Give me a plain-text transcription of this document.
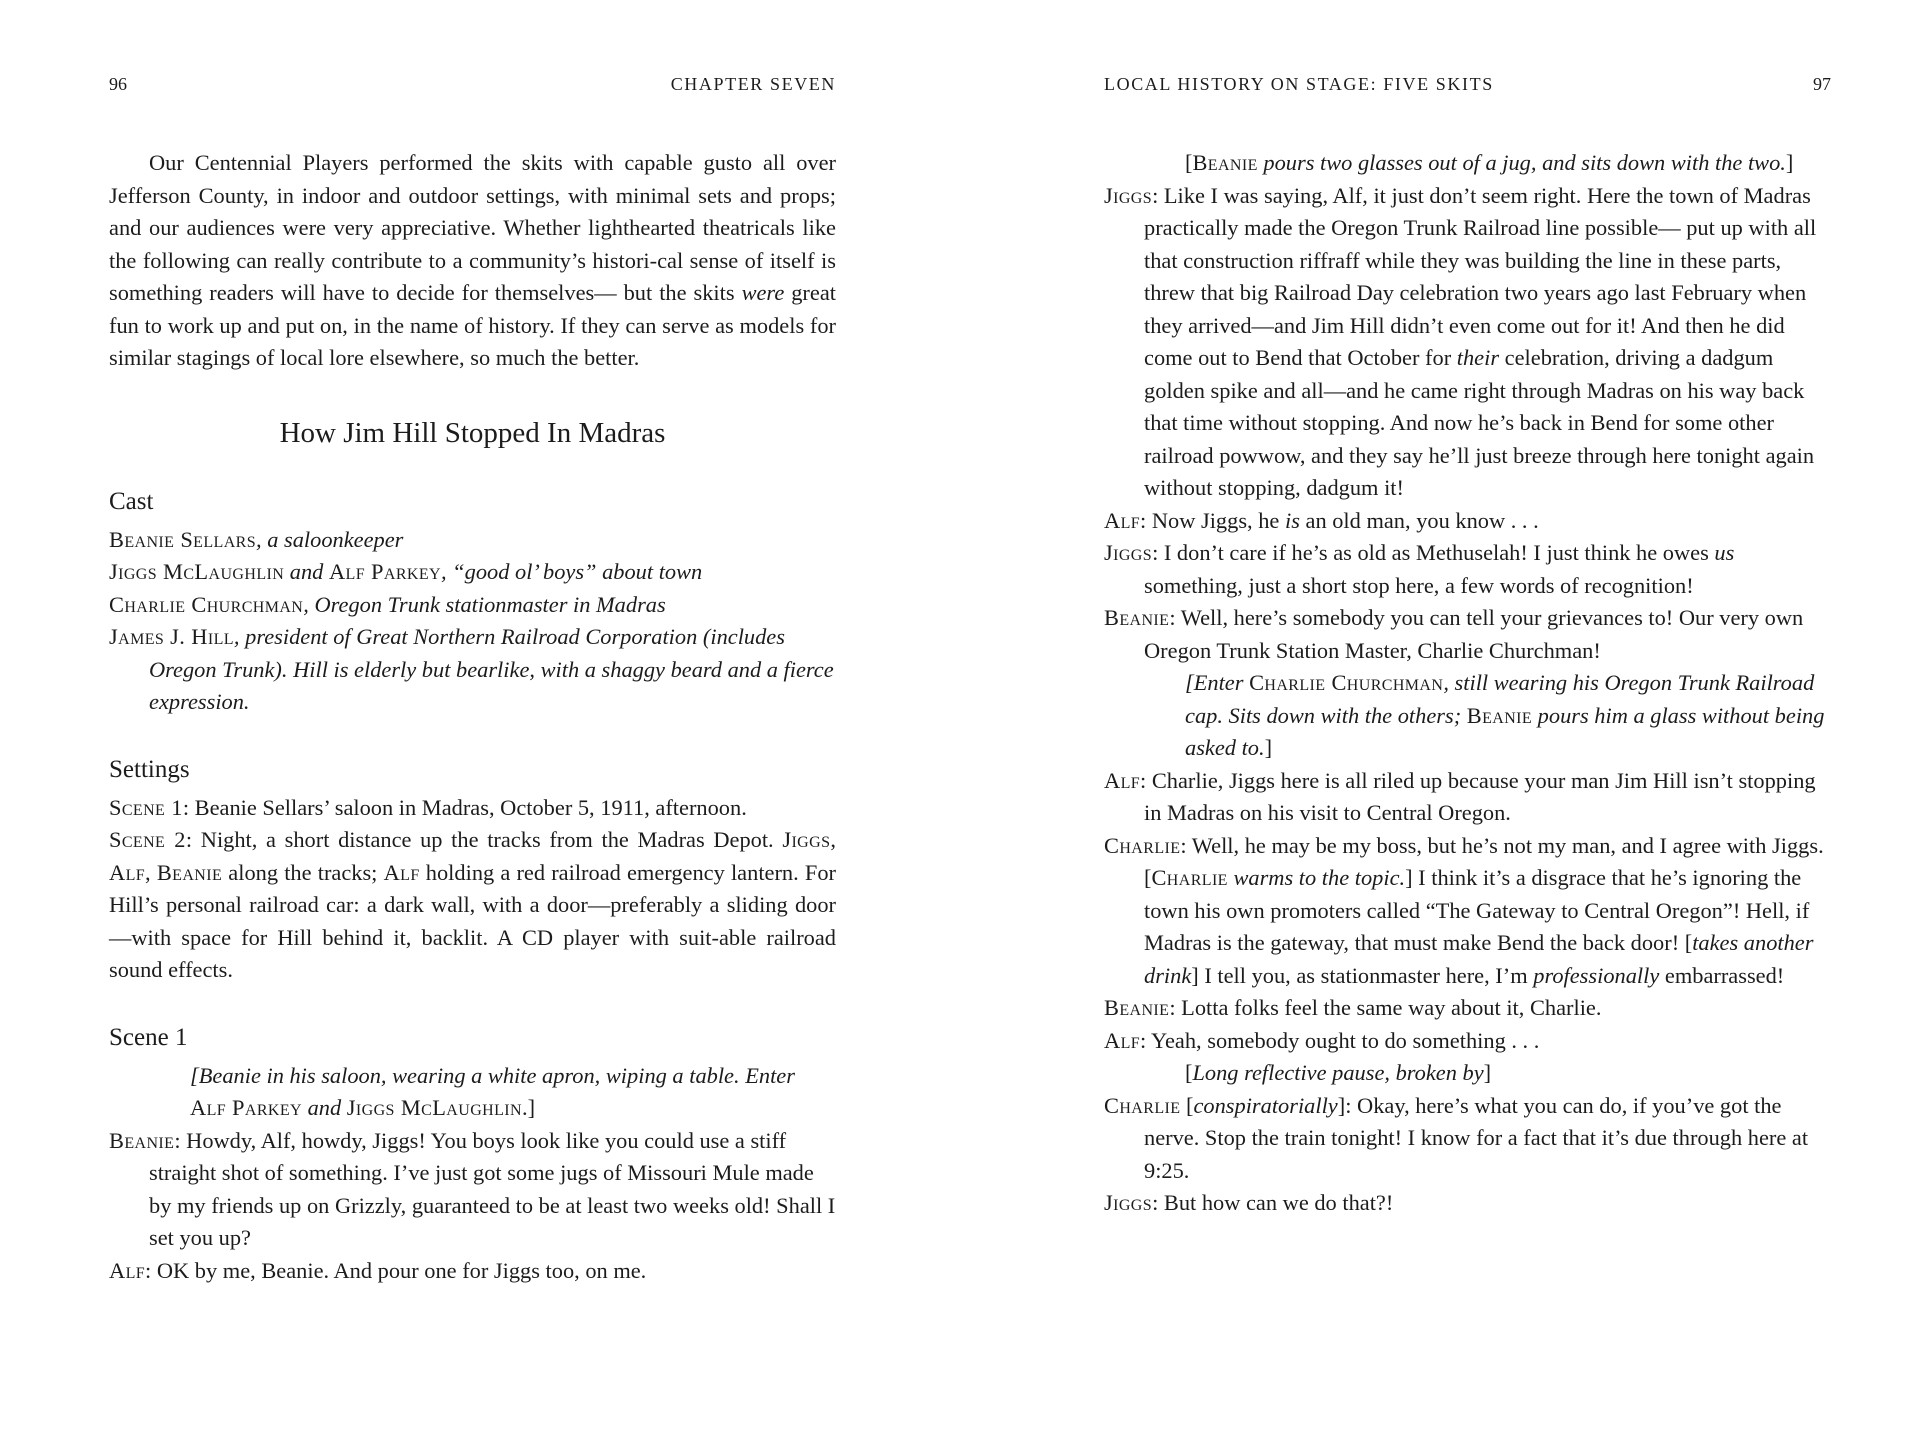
96	CHAPTER SEVEN

Our Centennial Players performed the skits with capable gusto all over Jefferson County, in indoor and outdoor settings, with minimal sets and props; and our audiences were very appreciative. Whether lighthearted theatricals like the following can really contribute to a community’s histori-cal sense of itself is something readers will have to decide for themselves— but the skits were great fun to work up and put on, in the name of history. If they can serve as models for similar stagings of local lore elsewhere, so much the better.

How Jim Hill Stopped In Madras

Cast

Beanie Sellars, a saloonkeeper

Jiggs McLaughlin and Alf Parkey, “good ol’ boys” about town

Charlie Churchman, Oregon Trunk stationmaster in Madras

James J. Hill, president of Great Northern Railroad Corporation (includes Oregon Trunk). Hill is elderly but bearlike, with a shaggy beard and a fierce expression.

Settings

Scene 1: Beanie Sellars’ saloon in Madras, October 5, 1911, afternoon.

Scene 2: Night, a short distance up the tracks from the Madras Depot. Jiggs, Alf, Beanie along the tracks; Alf holding a red railroad emergency lantern. For Hill’s personal railroad car: a dark wall, with a door—preferably a sliding door—with space for Hill behind it, backlit. A CD player with suit-able railroad sound effects.

Scene 1

[Beanie in his saloon, wearing a white apron, wiping a table. Enter Alf Parkey and Jiggs McLaughlin.]

Beanie: Howdy, Alf, howdy, Jiggs! You boys look like you could use a stiff straight shot of something. I’ve just got some jugs of Missouri Mule made by my friends up on Grizzly, guaranteed to be at least two weeks old! Shall I set you up?

Alf: OK by me, Beanie. And pour one for Jiggs too, on me.

LOCAL HISTORY ON STAGE: FIVE SKITS	97

[Beanie pours two glasses out of a jug, and sits down with the two.]

Jiggs: Like I was saying, Alf, it just don’t seem right. Here the town of Madras practically made the Oregon Trunk Railroad line possible— put up with all that construction riffraff while they was building the line in these parts, threw that big Railroad Day celebration two years ago last February when they arrived—and Jim Hill didn’t even come out for it! And then he did come out to Bend that October for their celebration, driving a dadgum golden spike and all—and he came right through Madras on his way back that time without stopping. And now he’s back in Bend for some other railroad powwow, and they say he’ll just breeze through here tonight again without stopping, dadgum it!

Alf: Now Jiggs, he is an old man, you know . . .

Jiggs: I don’t care if he’s as old as Methuselah! I just think he owes us something, just a short stop here, a few words of recognition!

Beanie: Well, here’s somebody you can tell your grievances to! Our very own Oregon Trunk Station Master, Charlie Churchman!

[Enter Charlie Churchman, still wearing his Oregon Trunk Railroad cap. Sits down with the others; Beanie pours him a glass without being asked to.]

Alf: Charlie, Jiggs here is all riled up because your man Jim Hill isn’t stopping in Madras on his visit to Central Oregon.

Charlie: Well, he may be my boss, but he’s not my man, and I agree with Jiggs. [Charlie warms to the topic.] I think it’s a disgrace that he’s ignoring the town his own promoters called “The Gateway to Central Oregon”! Hell, if Madras is the gateway, that must make Bend the back door! [takes another drink] I tell you, as stationmaster here, I’m professionally embarrassed!

Beanie: Lotta folks feel the same way about it, Charlie.

Alf: Yeah, somebody ought to do something . . .

[Long reflective pause, broken by]

Charlie [conspiratorially]: Okay, here’s what you can do, if you’ve got the nerve. Stop the train tonight! I know for a fact that it’s due through here at 9:25.

Jiggs: But how can we do that?!
